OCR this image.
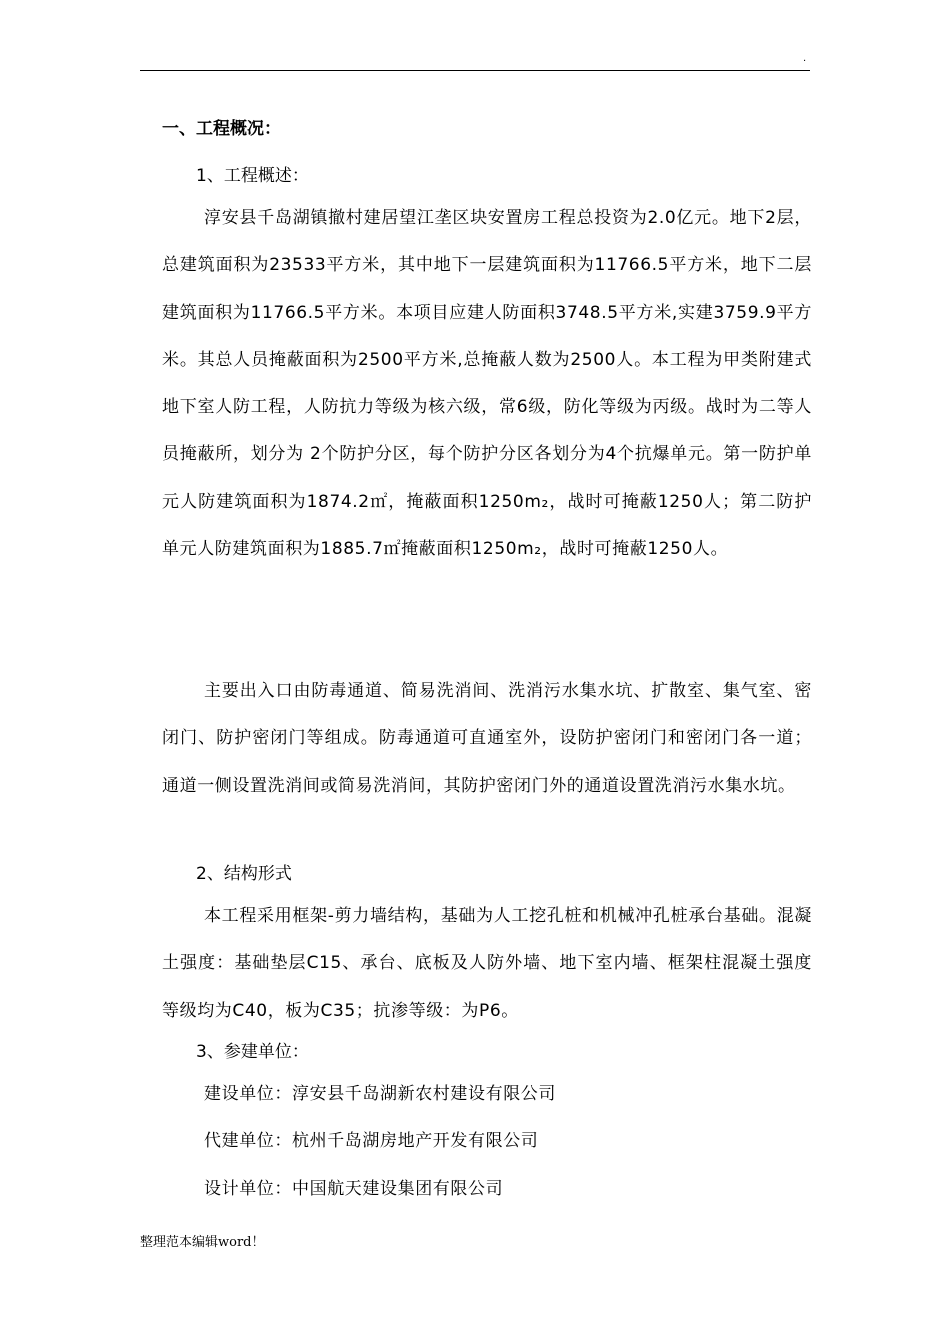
.
一、工程概况：
1、工程概述：

淳安县千岛湖镇撤村建居望江垄区块安置房工程总投资为2.0亿元。地下2层，总建筑面积为23533平方米，其中地下一层建筑面积为11766.5平方米，地下二层建筑面积为11766.5平方米。本项目应建人防面积3748.5平方米,实建3759.9平方米。其总人员掩蔽面积为2500平方米,总掩蔽人数为2500人。本工程为甲类附建式地下室人防工程，人防抗力等级为核六级，常6级，防化等级为丙级。战时为二等人员掩蔽所，划分为 2个防护分区，每个防护分区各划分为4个抗爆单元。第一防护单元人防建筑面积为1874.2㎡，掩蔽面积1250m₂，战时可掩蔽1250人；第二防护单元人防建筑面积为1885.7㎡掩蔽面积1250m₂，战时可掩蔽1250人。

主要出入口由防毒通道、简易洗消间、洗消污水集水坑、扩散室、集气室、密闭门、防护密闭门等组成。防毒通道可直通室外，设防护密闭门和密闭门各一道；通道一侧设置洗消间或简易洗消间，其防护密闭门外的通道设置洗消污水集水坑。

2、结构形式

本工程采用框架-剪力墙结构，基础为人工挖孔桩和机械冲孔桩承台基础。混凝土强度：基础垫层C15、承台、底板及人防外墙、地下室内墙、框架柱混凝土强度等级均为C40，板为C35；抗渗等级：为P6。

3、参建单位：

建设单位：淳安县千岛湖新农村建设有限公司

代建单位：杭州千岛湖房地产开发有限公司

设计单位：中国航天建设集团有限公司

整理范本编辑word！
